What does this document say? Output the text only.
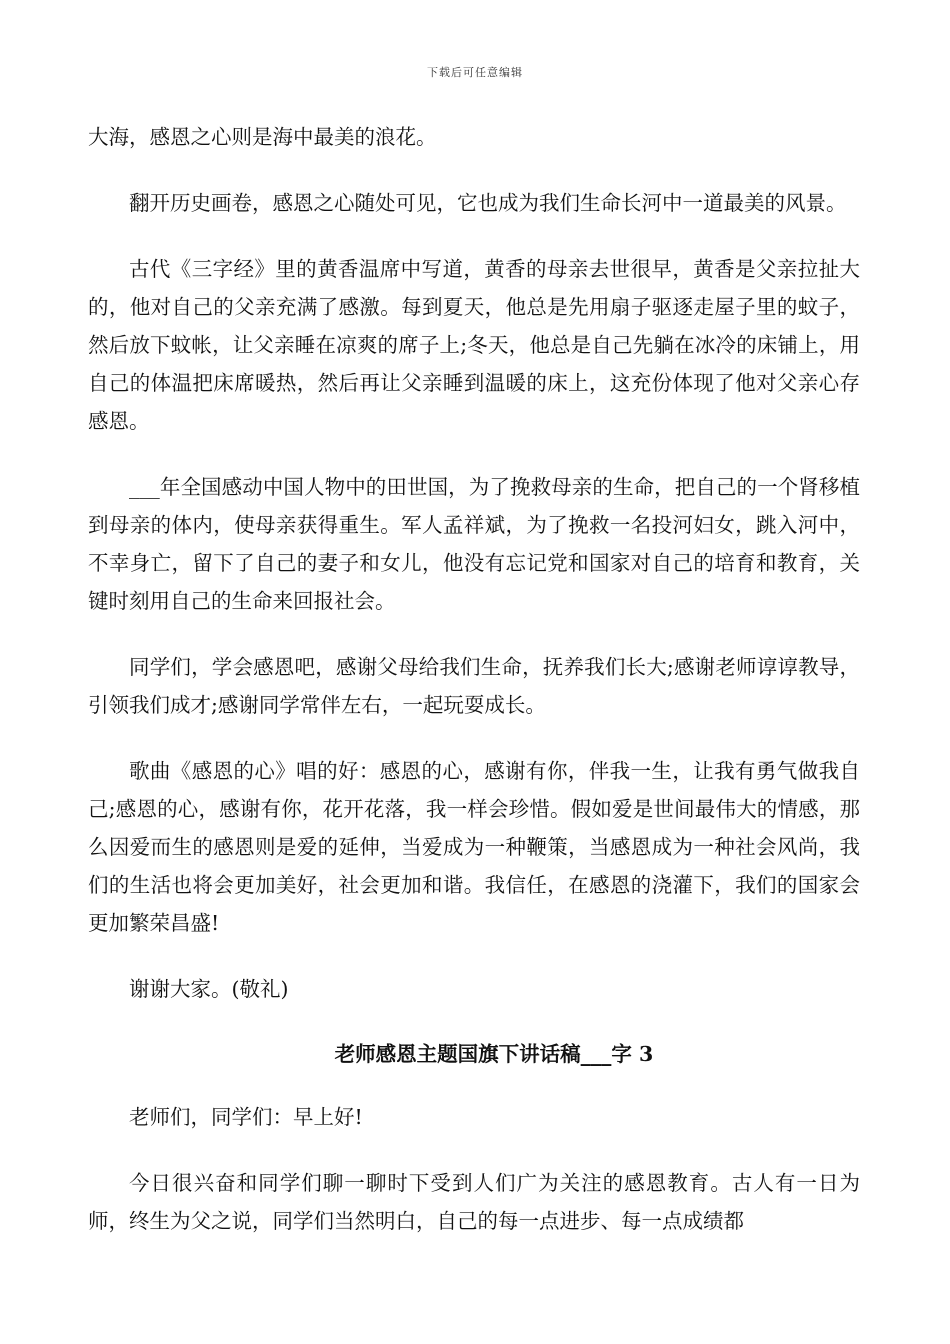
下载后可任意编辑

大海，感恩之心则是海中最美的浪花。

翻开历史画卷，感恩之心随处可见，它也成为我们生命长河中一道最美的风景。

古代《三字经》里的黄香温席中写道，黄香的母亲去世很早，黄香是父亲拉扯大的，他对自己的父亲充满了感激。每到夏天，他总是先用扇子驱逐走屋子里的蚊子，然后放下蚊帐，让父亲睡在凉爽的席子上;冬天，他总是自己先躺在冰冷的床铺上，用自己的体温把床席暖热，然后再让父亲睡到温暖的床上，这充份体现了他对父亲心存感恩。

___年全国感动中国人物中的田世国，为了挽救母亲的生命，把自己的一个肾移植到母亲的体内，使母亲获得重生。军人孟祥斌，为了挽救一名投河妇女，跳入河中，不幸身亡，留下了自己的妻子和女儿，他没有忘记党和国家对自己的培育和教育，关键时刻用自己的生命来回报社会。

同学们，学会感恩吧，感谢父母给我们生命，抚养我们长大;感谢老师谆谆教导，引领我们成才;感谢同学常伴左右，一起玩耍成长。

歌曲《感恩的心》唱的好：感恩的心，感谢有你，伴我一生，让我有勇气做我自己;感恩的心，感谢有你，花开花落，我一样会珍惜。假如爱是世间最伟大的情感，那么因爱而生的感恩则是爱的延伸，当爱成为一种鞭策，当感恩成为一种社会风尚，我们的生活也将会更加美好，社会更加和谐。我信任，在感恩的浇灌下，我们的国家会更加繁荣昌盛!

谢谢大家。(敬礼)

老师感恩主题国旗下讲话稿___字 3

老师们，同学们：早上好!

今日很兴奋和同学们聊一聊时下受到人们广为关注的感恩教育。古人有一日为师，终生为父之说，同学们当然明白，自己的每一点进步、每一点成绩都
